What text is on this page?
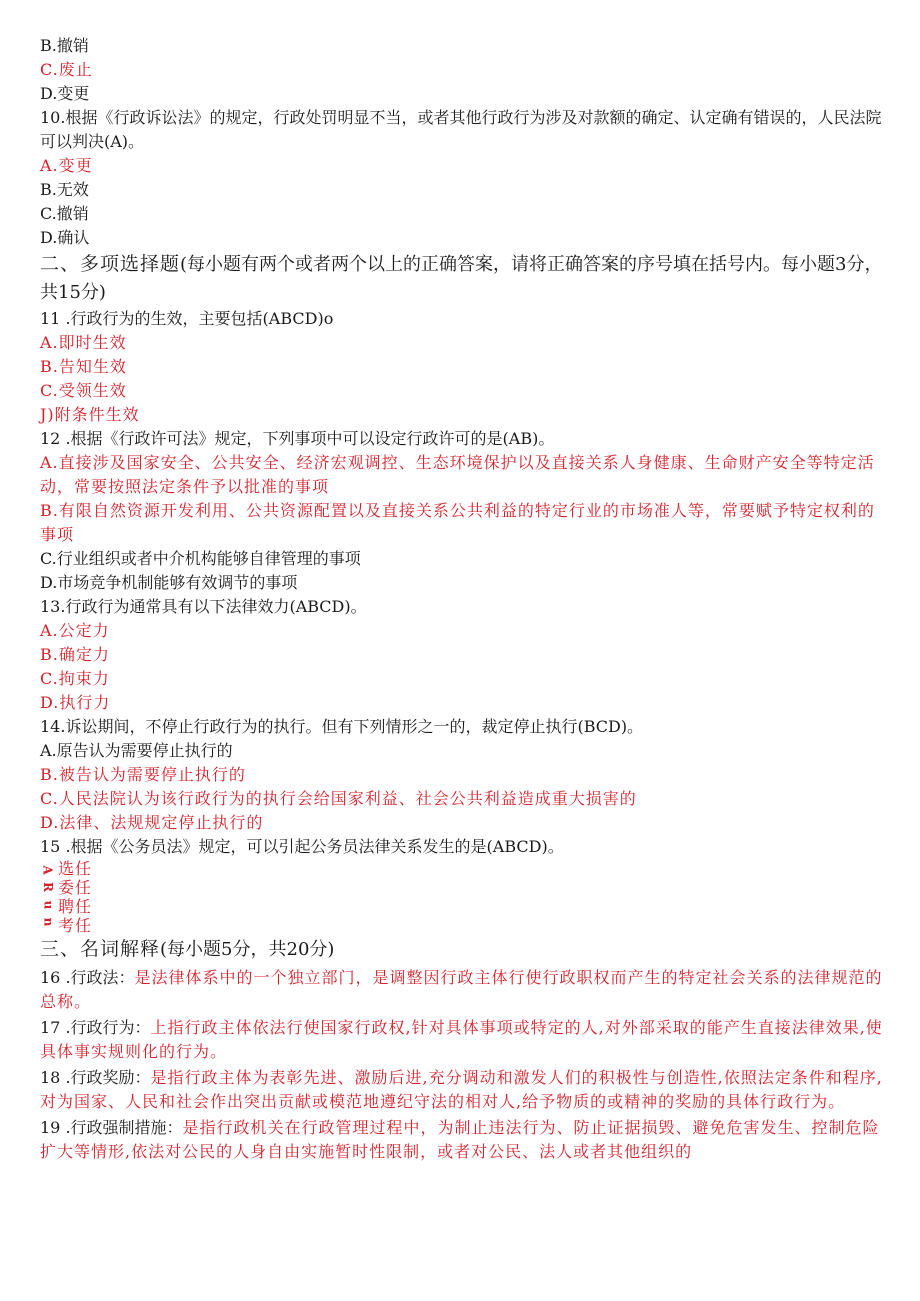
B.撤销
C.废止
D.变更
10.根据《行政诉讼法》的规定，行政处罚明显不当，或者其他行政行为涉及对款额的确定、认定确有错误的，人民法院可以判决(A)。
A.变更
B.无效
C.撤销
D.确认
二、多项选择题(每小题有两个或者两个以上的正确答案，请将正确答案的序号填在括号内。每小题3分，共15分)
11 .行政行为的生效，主要包括(ABCD)o
A.即时生效
B.告知生效
C.受领生效
J)附条件生效
12 .根据《行政许可法》规定，下列事项中可以设定行政许可的是(AB)。
A.直接涉及国家安全、公共安全、经济宏观调控、生态环境保护以及直接关系人身健康、生命财产安全等特定活动，常要按照法定条件予以批准的事项
B.有限自然资源开发利用、公共资源配置以及直接关系公共利益的特定行业的市场准人等，常要赋予特定权利的事项
C.行业组织或者中介机构能够自律管理的事项
D.市场竞争机制能够有效调节的事项
13.行政行为通常具有以下法律效力(ABCD)。
A.公定力
B.确定力
C.拘束力
D.执行力
14.诉讼期间，不停止行政行为的执行。但有下列情形之一的，裁定停止执行(BCD)。
A.原告认为需要停止执行的
B.被告认为需要停止执行的
C.人民法院认为该行政行为的执行会给国家利益、社会公共利益造成重大损害的
D.法律、法规规定停止执行的
15 .根据《公务员法》规定，可以引起公务员法律关系发生的是(ABCD)。
A
R
u
n
选任
委任
聘任
考任
三、名词解释(每小题5分，共20分)
16 .行政法：是法律体系中的一个独立部门，是调整因行政主体行使行政职权而产生的特定社会关系的法律规范的总称。
17 .行政行为：上指行政主体依法行使国家行政权,针对具体事项或特定的人,对外部采取的能产生直接法律效果,使具体事实规则化的行为。
18 .行政奖励：是指行政主体为表彰先进、激励后进,充分调动和激发人们的积极性与创造性,依照法定条件和程序,对为国家、人民和社会作出突出贡献或模范地遵纪守法的相对人,给予物质的或精神的奖励的具体行政行为。
19 .行政强制措施：是指行政机关在行政管理过程中，为制止违法行为、防止证据损毁、避免危害发生、控制危险扩大等情形,依法对公民的人身自由实施暂时性限制，或者对公民、法人或者其他组织的
